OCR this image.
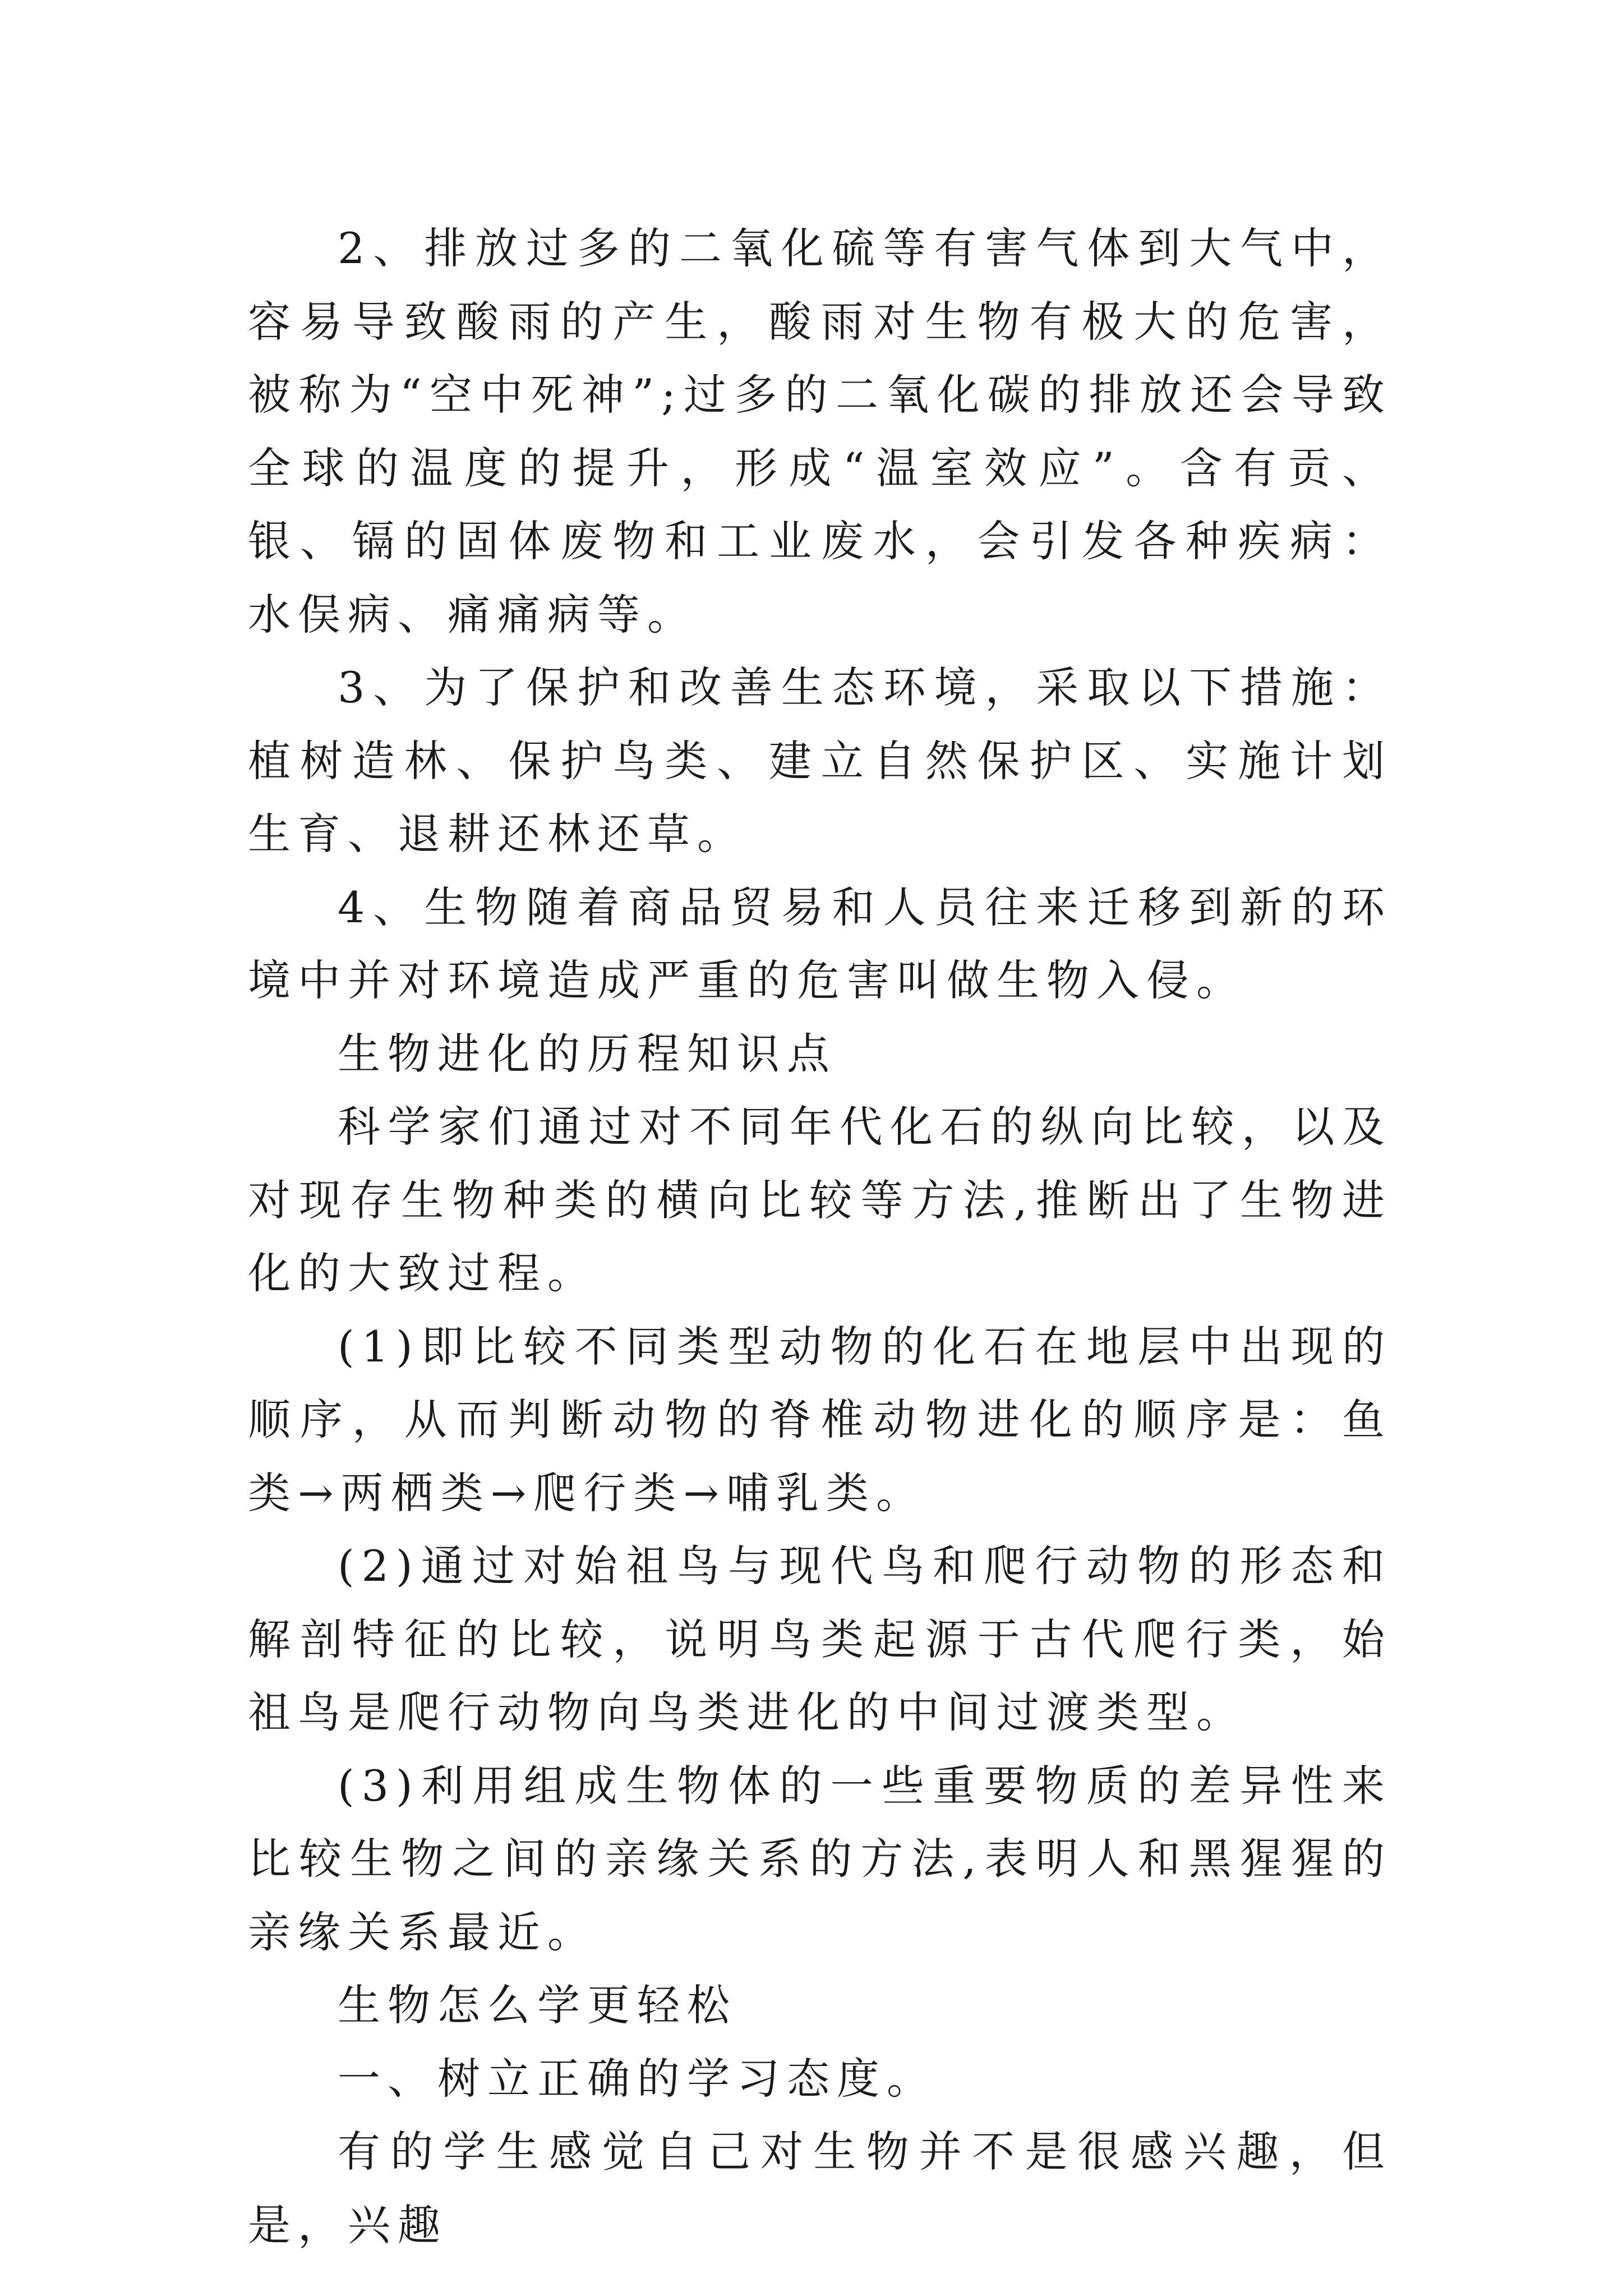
2、排放过多的二氧化硫等有害气体到大气中，容易导致酸雨的产生，酸雨对生物有极大的危害，被称为“空中死神”;过多的二氧化碳的排放还会导致全球的温度的提升，形成“温室效应”。含有贡、银、镉的固体废物和工业废水，会引发各种疾病：水俣病、痛痛病等。

3、为了保护和改善生态环境，采取以下措施：植树造林、保护鸟类、建立自然保护区、实施计划生育、退耕还林还草。

4、生物随着商品贸易和人员往来迁移到新的环境中并对环境造成严重的危害叫做生物入侵。

生物进化的历程知识点

科学家们通过对不同年代化石的纵向比较，以及对现存生物种类的横向比较等方法,推断出了生物进化的大致过程。

(1)即比较不同类型动物的化石在地层中出现的顺序，从而判断动物的脊椎动物进化的顺序是：鱼类→两栖类→爬行类→哺乳类。

(2)通过对始祖鸟与现代鸟和爬行动物的形态和解剖特征的比较，说明鸟类起源于古代爬行类，始祖鸟是爬行动物向鸟类进化的中间过渡类型。

(3)利用组成生物体的一些重要物质的差异性来比较生物之间的亲缘关系的方法,表明人和黑猩猩的亲缘关系最近。

生物怎么学更轻松

一、树立正确的学习态度。

有的学生感觉自己对生物并不是很感兴趣，但是，兴趣
